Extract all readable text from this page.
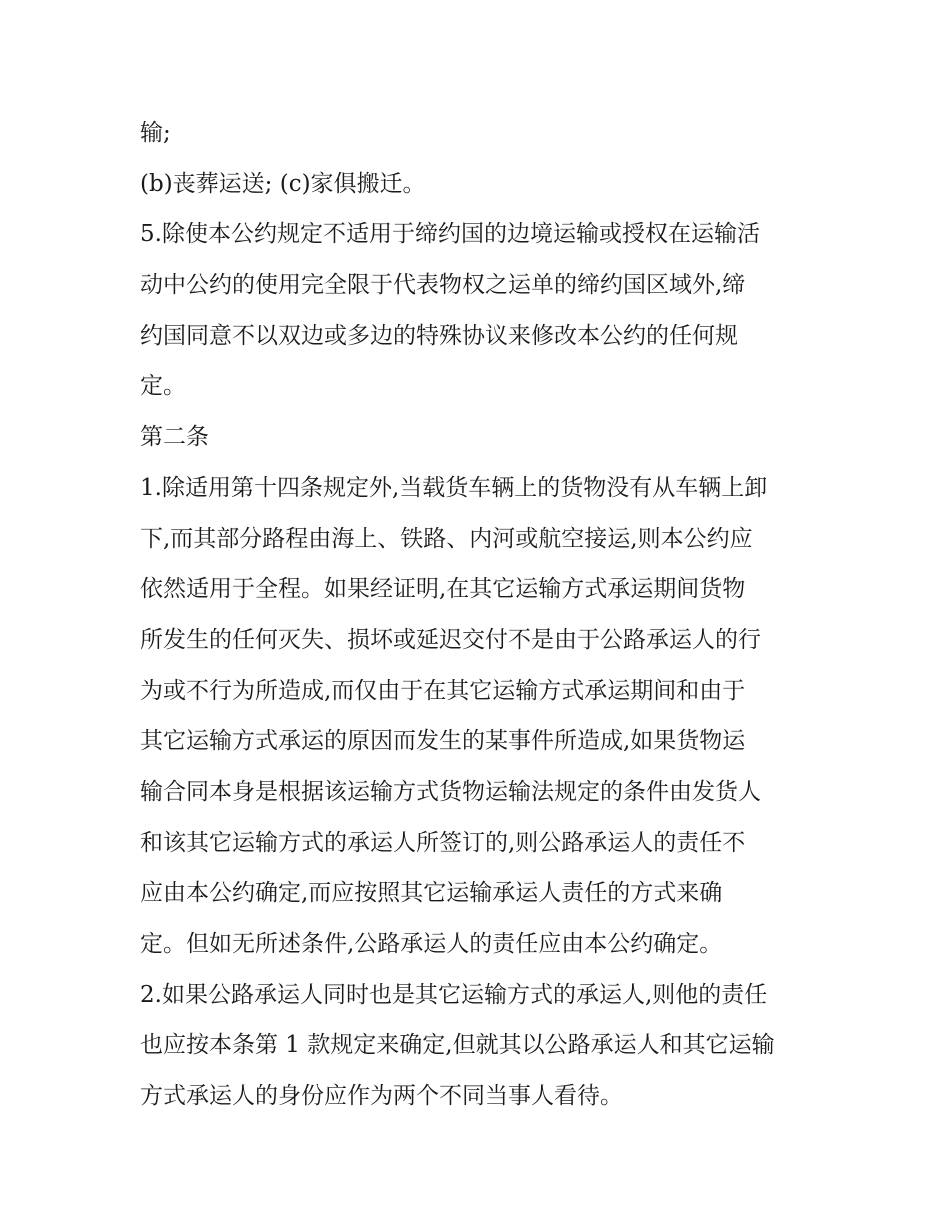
输;
(b)丧葬运送; (c)家俱搬迁。
5.除使本公约规定不适用于缔约国的边境运输或授权在运输活
动中公约的使用完全限于代表物权之运单的缔约国区域外,缔
约国同意不以双边或多边的特殊协议来修改本公约的任何规
定。
第二条
1.除适用第十四条规定外,当载货车辆上的货物没有从车辆上卸
下,而其部分路程由海上、铁路、内河或航空接运,则本公约应
依然适用于全程。如果经证明,在其它运输方式承运期间货物
所发生的任何灭失、损坏或延迟交付不是由于公路承运人的行
为或不行为所造成,而仅由于在其它运输方式承运期间和由于
其它运输方式承运的原因而发生的某事件所造成,如果货物运
输合同本身是根据该运输方式货物运输法规定的条件由发货人
和该其它运输方式的承运人所签订的,则公路承运人的责任不
应由本公约确定,而应按照其它运输承运人责任的方式来确
定。但如无所述条件,公路承运人的责任应由本公约确定。
2.如果公路承运人同时也是其它运输方式的承运人,则他的责任
也应按本条第 1 款规定来确定,但就其以公路承运人和其它运输
方式承运人的身份应作为两个不同当事人看待。
